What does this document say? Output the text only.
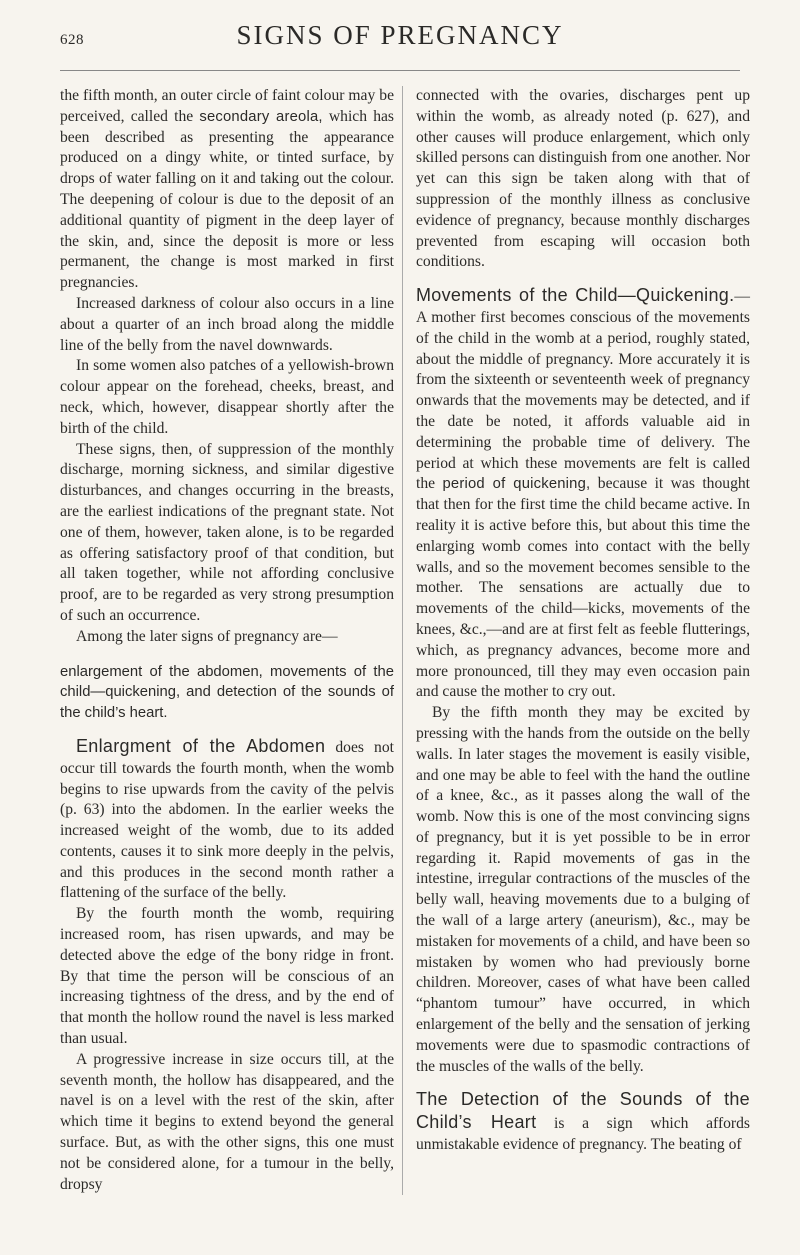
628	SIGNS OF PREGNANCY

the fifth month, an outer circle of faint colour may be perceived, called the secondary areola, which has been described as presenting the appearance produced on a dingy white, or tinted surface, by drops of water falling on it and taking out the colour. The deepening of colour is due to the deposit of an additional quantity of pigment in the deep layer of the skin, and, since the deposit is more or less permanent, the change is most marked in first pregnancies.

Increased darkness of colour also occurs in a line about a quarter of an inch broad along the middle line of the belly from the navel downwards.

In some women also patches of a yellowish-brown colour appear on the forehead, cheeks, breast, and neck, which, however, disappear shortly after the birth of the child.

These signs, then, of suppression of the monthly discharge, morning sickness, and similar digestive disturbances, and changes occurring in the breasts, are the earliest indications of the pregnant state. Not one of them, however, taken alone, is to be regarded as offering satisfactory proof of that condition, but all taken together, while not affording conclusive proof, are to be regarded as very strong presumption of such an occurrence.

Among the later signs of pregnancy are—

enlargement of the abdomen, movements of the child—quickening, and detection of the sounds of the child’s heart.

Enlargment of the Abdomen does not occur till towards the fourth month, when the womb begins to rise upwards from the cavity of the pelvis (p. 63) into the abdomen. In the earlier weeks the increased weight of the womb, due to its added contents, causes it to sink more deeply in the pelvis, and this produces in the second month rather a flattening of the surface of the belly.

By the fourth month the womb, requiring increased room, has risen upwards, and may be detected above the edge of the bony ridge in front. By that time the person will be conscious of an increasing tightness of the dress, and by the end of that month the hollow round the navel is less marked than usual.

A progressive increase in size occurs till, at the seventh month, the hollow has disappeared, and the navel is on a level with the rest of the skin, after which time it begins to extend beyond the general surface. But, as with the other signs, this one must not be considered alone, for a tumour in the belly, dropsy

connected with the ovaries, discharges pent up within the womb, as already noted (p. 627), and other causes will produce enlargement, which only skilled persons can distinguish from one another. Nor yet can this sign be taken along with that of suppression of the monthly illness as conclusive evidence of pregnancy, because monthly discharges prevented from escaping will occasion both conditions.

Movements of the Child—Quickening.— A mother first becomes conscious of the movements of the child in the womb at a period, roughly stated, about the middle of pregnancy. More accurately it is from the sixteenth or seventeenth week of pregnancy onwards that the movements may be detected, and if the date be noted, it affords valuable aid in determining the probable time of delivery. The period at which these movements are felt is called the period of quickening, because it was thought that then for the first time the child became active. In reality it is active before this, but about this time the enlarging womb comes into contact with the belly walls, and so the movement becomes sensible to the mother. The sensations are actually due to movements of the child—kicks, movements of the knees, &c.,—and are at first felt as feeble flutterings, which, as pregnancy advances, become more and more pronounced, till they may even occasion pain and cause the mother to cry out.

By the fifth month they may be excited by pressing with the hands from the outside on the belly walls. In later stages the movement is easily visible, and one may be able to feel with the hand the outline of a knee, &c., as it passes along the wall of the womb. Now this is one of the most convincing signs of pregnancy, but it is yet possible to be in error regarding it. Rapid movements of gas in the intestine, irregular contractions of the muscles of the belly wall, heaving movements due to a bulging of the wall of a large artery (aneurism), &c., may be mistaken for movements of a child, and have been so mistaken by women who had previously borne children. Moreover, cases of what have been called “phantom tumour” have occurred, in which enlargement of the belly and the sensation of jerking movements were due to spasmodic contractions of the muscles of the walls of the belly.

The Detection of the Sounds of the Child’s Heart is a sign which affords unmistakable evidence of pregnancy. The beating of
